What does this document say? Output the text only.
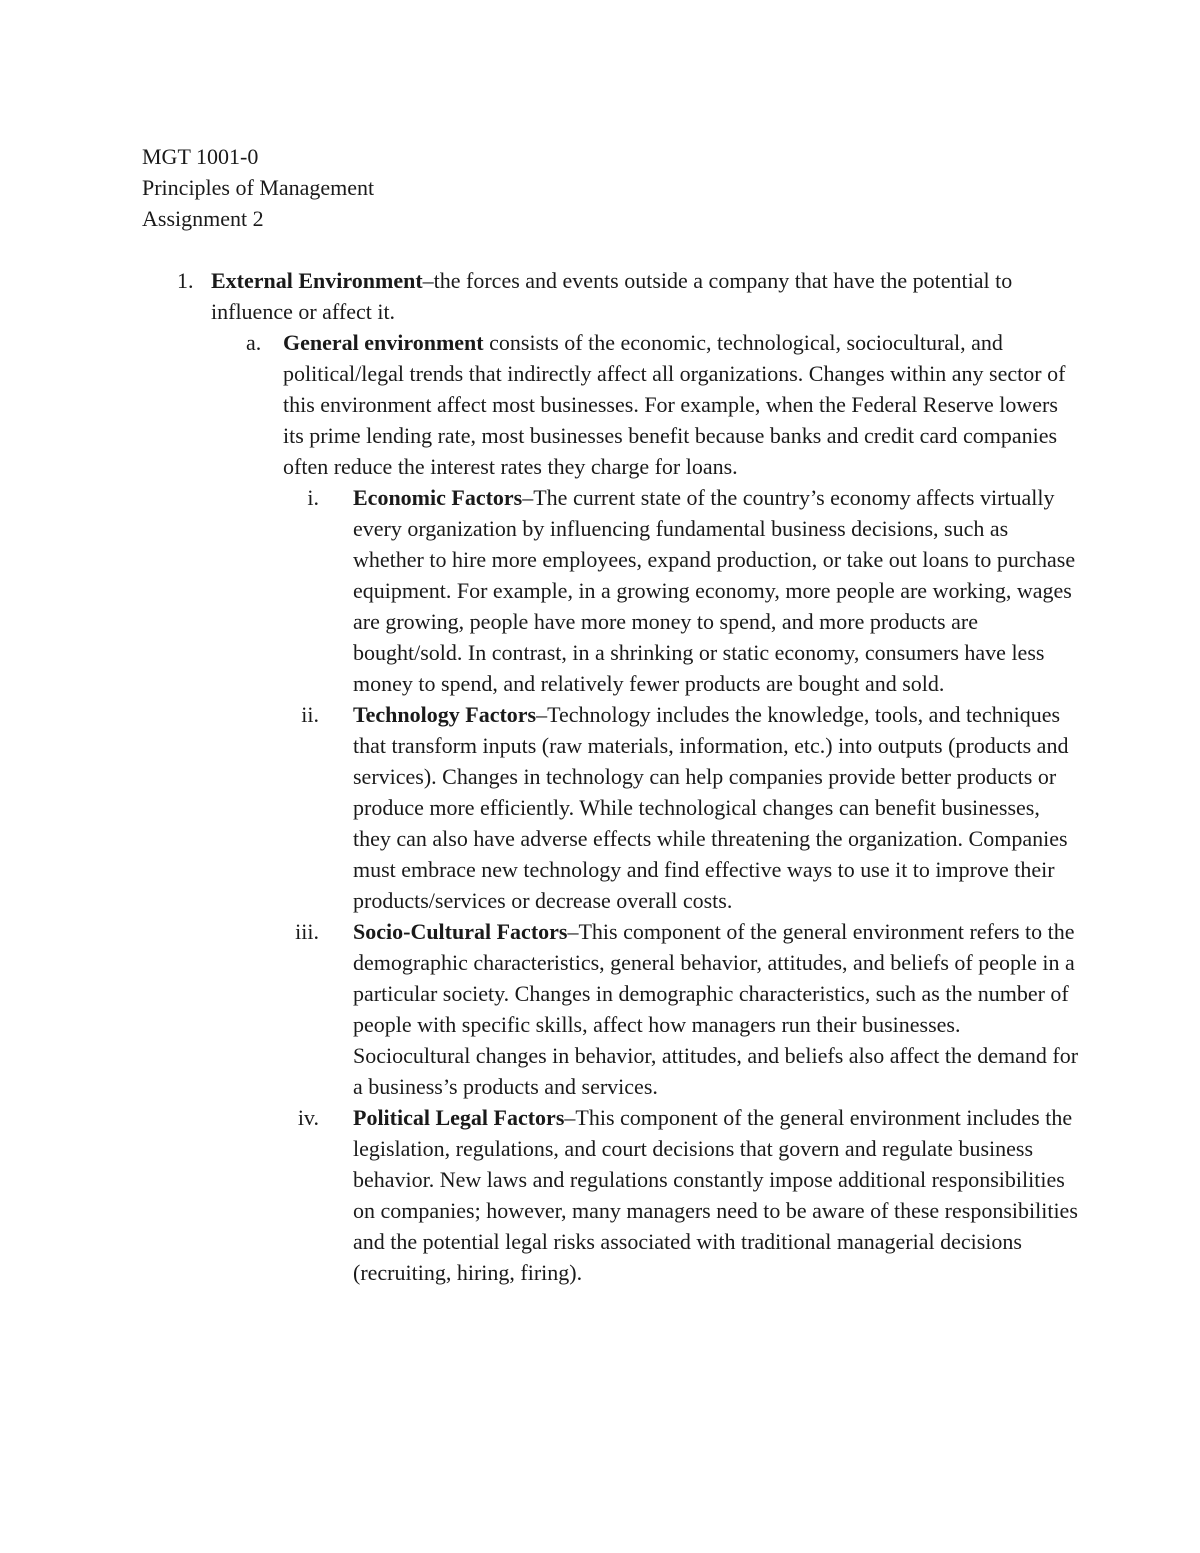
MGT 1001-0
Principles of Management
Assignment 2
1. External Environment–the forces and events outside a company that have the potential to influence or affect it.
a. General environment consists of the economic, technological, sociocultural, and political/legal trends that indirectly affect all organizations. Changes within any sector of this environment affect most businesses. For example, when the Federal Reserve lowers its prime lending rate, most businesses benefit because banks and credit card companies often reduce the interest rates they charge for loans.
i. Economic Factors–The current state of the country’s economy affects virtually every organization by influencing fundamental business decisions, such as whether to hire more employees, expand production, or take out loans to purchase equipment. For example, in a growing economy, more people are working, wages are growing, people have more money to spend, and more products are bought/sold. In contrast, in a shrinking or static economy, consumers have less money to spend, and relatively fewer products are bought and sold.
ii. Technology Factors–Technology includes the knowledge, tools, and techniques that transform inputs (raw materials, information, etc.) into outputs (products and services). Changes in technology can help companies provide better products or produce more efficiently. While technological changes can benefit businesses, they can also have adverse effects while threatening the organization. Companies must embrace new technology and find effective ways to use it to improve their products/services or decrease overall costs.
iii. Socio-Cultural Factors–This component of the general environment refers to the demographic characteristics, general behavior, attitudes, and beliefs of people in a particular society. Changes in demographic characteristics, such as the number of people with specific skills, affect how managers run their businesses. Sociocultural changes in behavior, attitudes, and beliefs also affect the demand for a business’s products and services.
iv. Political Legal Factors–This component of the general environment includes the legislation, regulations, and court decisions that govern and regulate business behavior. New laws and regulations constantly impose additional responsibilities on companies; however, many managers need to be aware of these responsibilities and the potential legal risks associated with traditional managerial decisions (recruiting, hiring, firing).
